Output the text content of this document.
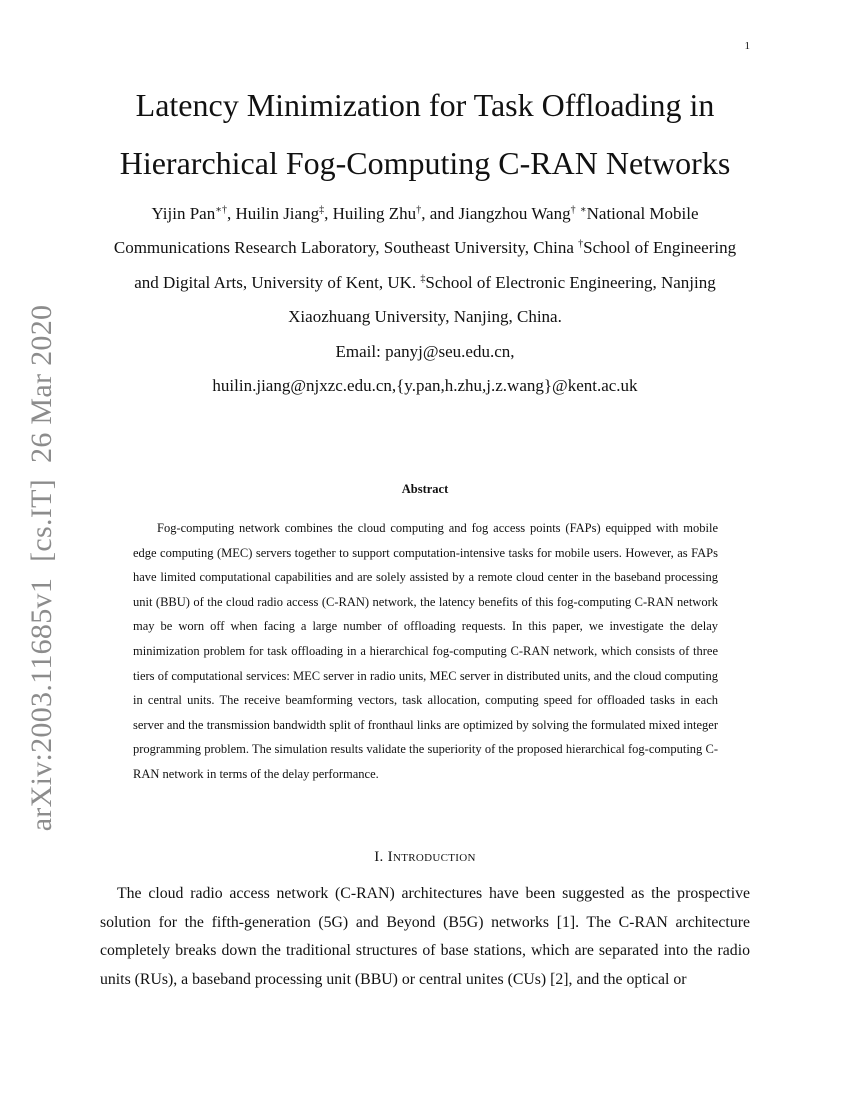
1
arXiv:2003.11685v1[cs.IT]26 Mar 2020
Latency Minimization for Task Offloading in Hierarchical Fog-Computing C-RAN Networks
Yijin Pan∗†, Huilin Jiang‡, Huiling Zhu†, and Jiangzhou Wang† ∗National Mobile Communications Research Laboratory, Southeast University, China †School of Engineering and Digital Arts, University of Kent, UK. ‡School of Electronic Engineering, Nanjing Xiaozhuang University, Nanjing, China.
Email: panyj@seu.edu.cn,
huilin.jiang@njxzc.edu.cn,{y.pan,h.zhu,j.z.wang}@kent.ac.uk
Abstract

Fog-computing network combines the cloud computing and fog access points (FAPs) equipped with mobile edge computing (MEC) servers together to support computation-intensive tasks for mobile users. However, as FAPs have limited computational capabilities and are solely assisted by a remote cloud center in the baseband processing unit (BBU) of the cloud radio access (C-RAN) network, the latency benefits of this fog-computing C-RAN network may be worn off when facing a large number of offloading requests. In this paper, we investigate the delay minimization problem for task offloading in a hierarchical fog-computing C-RAN network, which consists of three tiers of computational services: MEC server in radio units, MEC server in distributed units, and the cloud computing in central units. The receive beamforming vectors, task allocation, computing speed for offloaded tasks in each server and the transmission bandwidth split of fronthaul links are optimized by solving the formulated mixed integer programming problem. The simulation results validate the superiority of the proposed hierarchical fog-computing C-RAN network in terms of the delay performance.

I. Introduction

The cloud radio access network (C-RAN) architectures have been suggested as the prospective solution for the fifth-generation (5G) and Beyond (B5G) networks [1]. The C-RAN architecture completely breaks down the traditional structures of base stations, which are separated into the radio units (RUs), a baseband processing unit (BBU) or central unites (CUs) [2], and the optical or
